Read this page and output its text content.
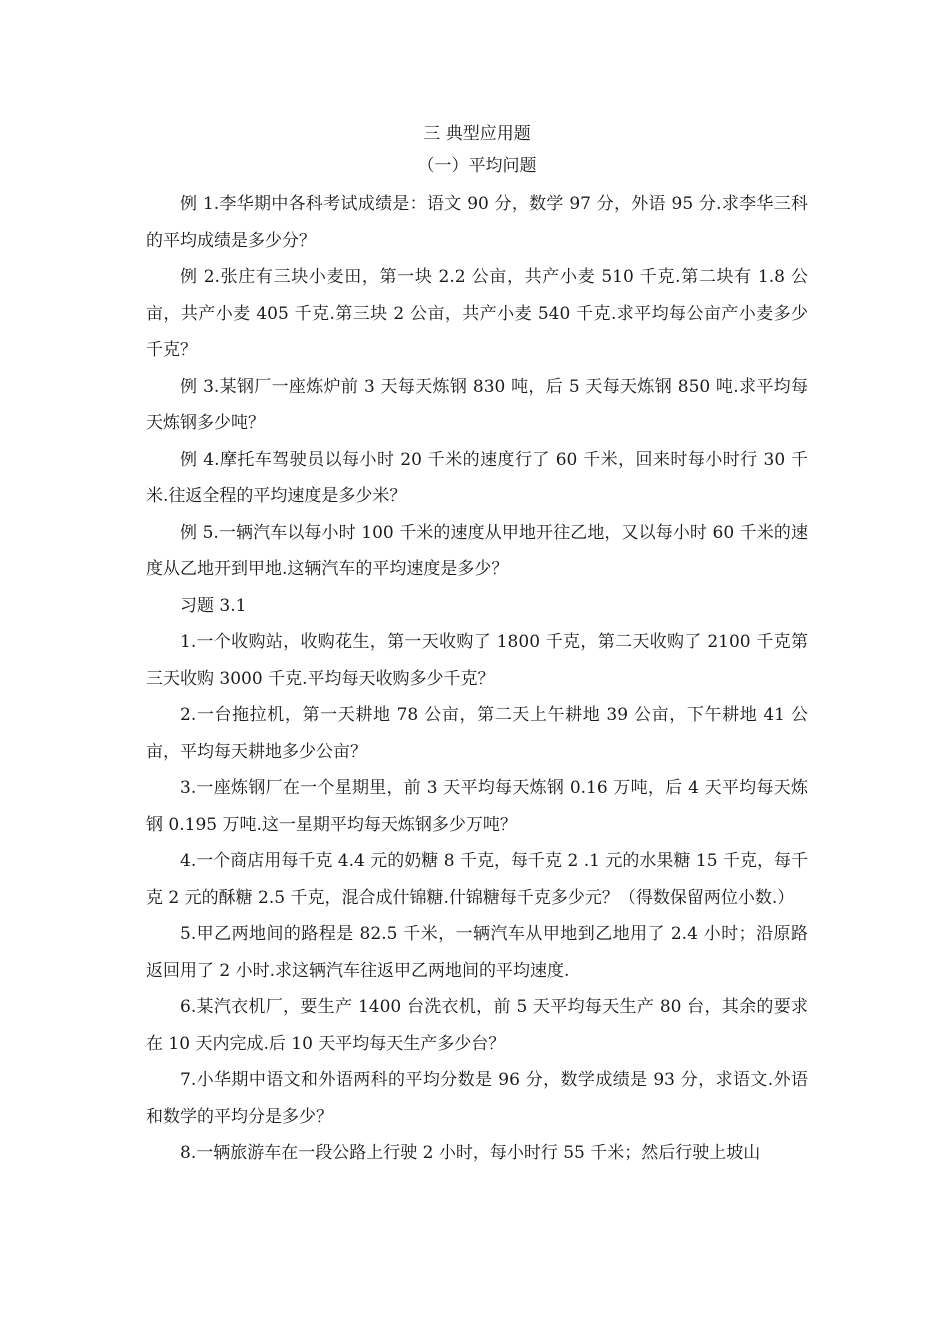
三 典型应用题
（一）平均问题

例 1.李华期中各科考试成绩是：语文 90 分，数学 97 分，外语 95 分.求李华三科的平均成绩是多少分？

例 2.张庄有三块小麦田，第一块 2.2 公亩，共产小麦 510 千克.第二块有 1.8 公亩，共产小麦 405 千克.第三块 2 公亩，共产小麦 540 千克.求平均每公亩产小麦多少千克？

例 3.某钢厂一座炼炉前 3 天每天炼钢 830 吨，后 5 天每天炼钢 850 吨.求平均每天炼钢多少吨？

例 4.摩托车驾驶员以每小时 20 千米的速度行了 60 千米，回来时每小时行 30 千米.往返全程的平均速度是多少米？

例 5.一辆汽车以每小时 100 千米的速度从甲地开往乙地，又以每小时 60 千米的速度从乙地开到甲地.这辆汽车的平均速度是多少？

习题 3.1

1.一个收购站，收购花生，第一天收购了 1800 千克，第二天收购了 2100 千克第三天收购 3000 千克.平均每天收购多少千克？

2.一台拖拉机，第一天耕地 78 公亩，第二天上午耕地 39 公亩，下午耕地 41 公亩，平均每天耕地多少公亩？

3.一座炼钢厂在一个星期里，前 3 天平均每天炼钢 0.16 万吨，后 4 天平均每天炼钢 0.195 万吨.这一星期平均每天炼钢多少万吨？

4.一个商店用每千克 4.4 元的奶糖 8 千克，每千克 2 .1 元的水果糖 15 千克，每千克 2 元的酥糖 2.5 千克，混合成什锦糖.什锦糖每千克多少元？（得数保留两位小数.）

5.甲乙两地间的路程是 82.5 千米，一辆汽车从甲地到乙地用了 2.4 小时；沿原路返回用了 2 小时.求这辆汽车往返甲乙两地间的平均速度.

6.某汽衣机厂，要生产 1400 台洗衣机，前 5 天平均每天生产 80 台，其余的要求在 10 天内完成.后 10 天平均每天生产多少台？

7.小华期中语文和外语两科的平均分数是 96 分，数学成绩是 93 分，求语文.外语和数学的平均分是多少？

8.一辆旅游车在一段公路上行驶 2 小时，每小时行 55 千米；然后行驶上坡山
